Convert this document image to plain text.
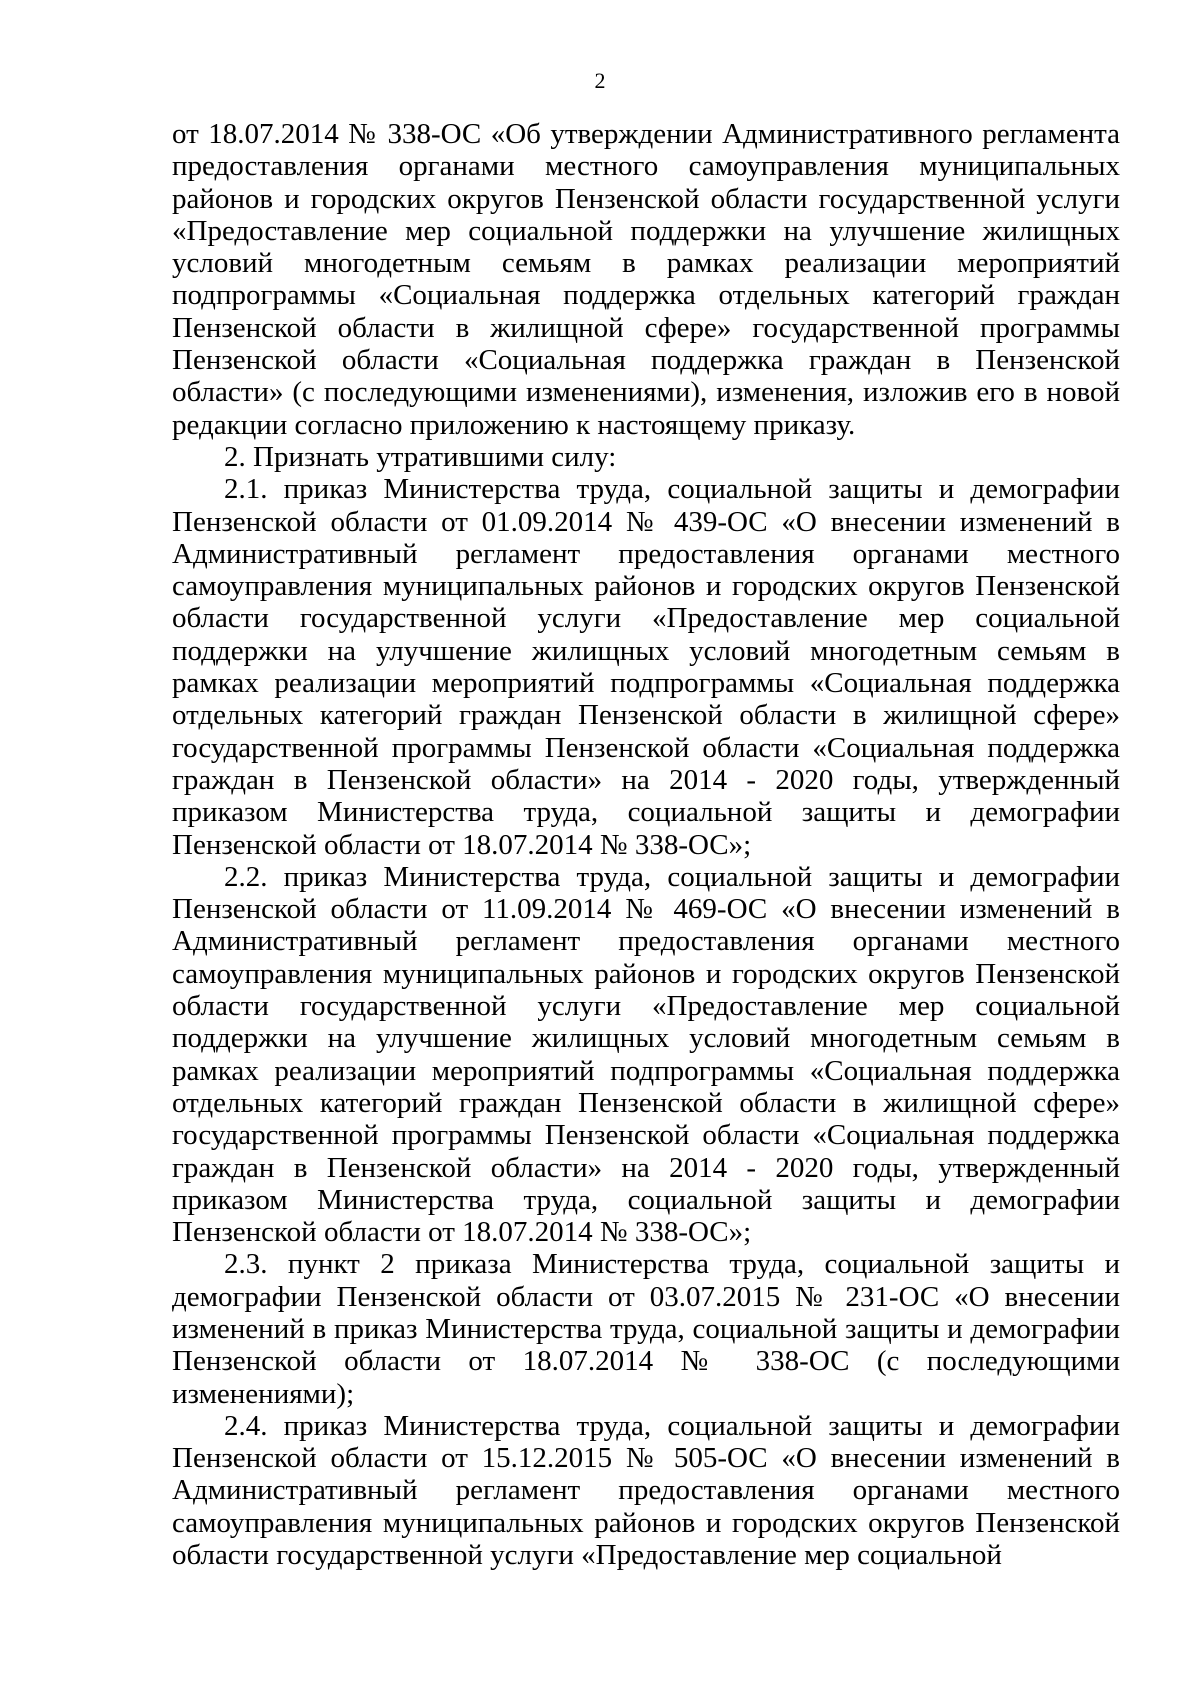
2

от 18.07.2014 № 338-ОС «Об утверждении Административного регламента предоставления органами местного самоуправления муниципальных районов и городских округов Пензенской области государственной услуги «Предоставление мер социальной поддержки на улучшение жилищных условий многодетным семьям в рамках реализации мероприятий подпрограммы «Социальная поддержка отдельных категорий граждан Пензенской области в жилищной сфере» государственной программы Пензенской области «Социальная поддержка граждан в Пензенской области» (с последующими изменениями), изменения, изложив его в новой редакции согласно приложению к настоящему приказу.

2. Признать утратившими силу:

2.1. приказ Министерства труда, социальной защиты и демографии Пензенской области от 01.09.2014 № 439-ОС «О внесении изменений в Административный регламент предоставления органами местного самоуправления муниципальных районов и городских округов Пензенской области государственной услуги «Предоставление мер социальной поддержки на улучшение жилищных условий многодетным семьям в рамках реализации мероприятий подпрограммы «Социальная поддержка отдельных категорий граждан Пензенской области в жилищной сфере» государственной программы Пензенской области «Социальная поддержка граждан в Пензенской области» на 2014 - 2020 годы, утвержденный приказом Министерства труда, социальной защиты и демографии Пензенской области от 18.07.2014 № 338-ОС»;

2.2. приказ Министерства труда, социальной защиты и демографии Пензенской области от 11.09.2014 № 469-ОС «О внесении изменений в Административный регламент предоставления органами местного самоуправления муниципальных районов и городских округов Пензенской области государственной услуги «Предоставление мер социальной поддержки на улучшение жилищных условий многодетным семьям в рамках реализации мероприятий подпрограммы «Социальная поддержка отдельных категорий граждан Пензенской области в жилищной сфере» государственной программы Пензенской области «Социальная поддержка граждан в Пензенской области» на 2014 - 2020 годы, утвержденный приказом Министерства труда, социальной защиты и демографии Пензенской области от 18.07.2014 № 338-ОС»;

2.3. пункт 2 приказа Министерства труда, социальной защиты и демографии Пензенской области от 03.07.2015 № 231-ОС «О внесении изменений в приказ Министерства труда, социальной защиты и демографии Пензенской области от 18.07.2014 № 338-ОС (с последующими изменениями);

2.4. приказ Министерства труда, социальной защиты и демографии Пензенской области от 15.12.2015 № 505-ОС «О внесении изменений в Административный регламент предоставления органами местного самоуправления муниципальных районов и городских округов Пензенской области государственной услуги «Предоставление мер социальной
